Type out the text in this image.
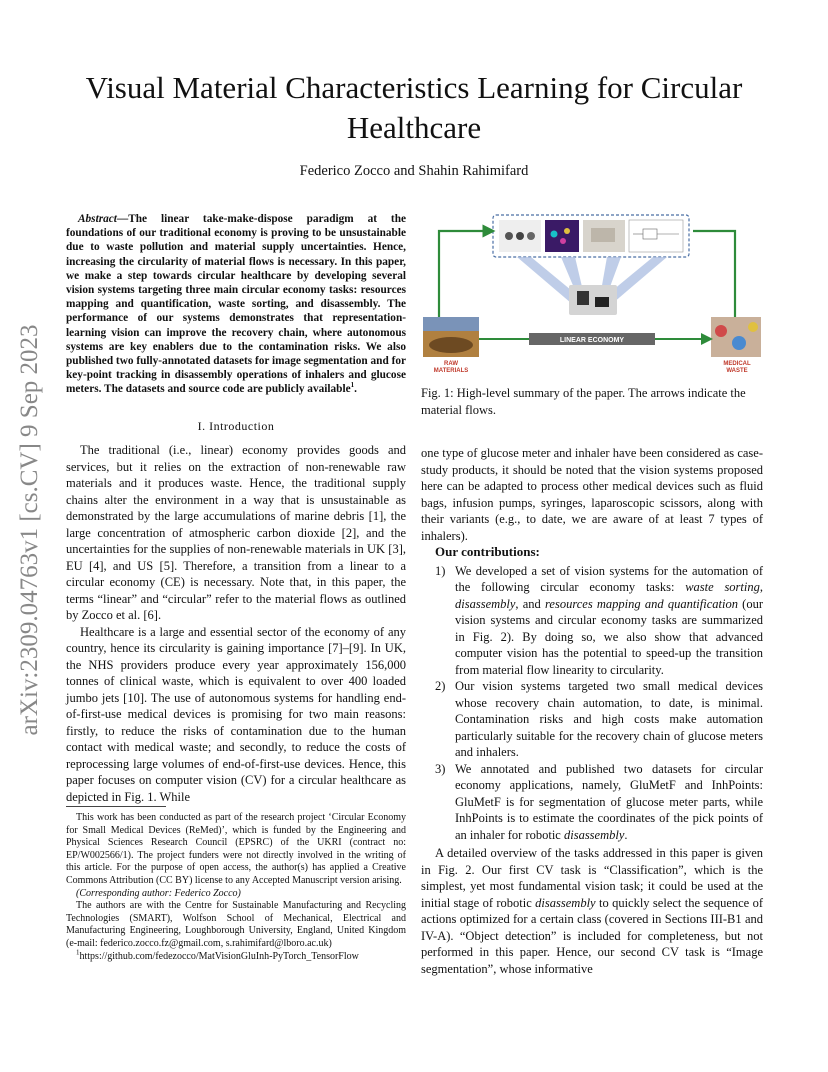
Visual Material Characteristics Learning for Circular Healthcare
Federico Zocco and Shahin Rahimifard
arXiv:2309.04763v1 [cs.CV] 9 Sep 2023
Abstract—The linear take-make-dispose paradigm at the foundations of our traditional economy is proving to be unsustainable due to waste pollution and material supply uncertainties. Hence, increasing the circularity of material flows is necessary. In this paper, we make a step towards circular healthcare by developing several vision systems targeting three main circular economy tasks: resources mapping and quantification, waste sorting, and disassembly. The performance of our systems demonstrates that representation-learning vision can improve the recovery chain, where autonomous systems are key enablers due to the contamination risks. We also published two fully-annotated datasets for image segmentation and for key-point tracking in disassembly operations of inhalers and glucose meters. The datasets and source code are publicly available$^1$.
I. Introduction

The traditional (i.e., linear) economy provides goods and services, but it relies on the extraction of non-renewable raw materials and it produces waste. Hence, the traditional supply chains alter the environment in a way that is unsustainable as demonstrated by the large accumulations of marine debris [1], the large concentration of atmospheric carbon dioxide [2], and the uncertainties for the supplies of non-renewable materials in UK [3], EU [4], and US [5]. Therefore, a transition from a linear to a circular economy (CE) is necessary. Note that, in this paper, the terms “linear” and “circular” refer to the material flows as outlined by Zocco et al. [6].

Healthcare is a large and essential sector of the economy of any country, hence its circularity is gaining importance [7]–[9]. In UK, the NHS providers produce every year approximately 156,000 tonnes of clinical waste, which is equivalent to over 400 loaded jumbo jets [10]. The use of autonomous systems for handling end-of-first-use medical devices is promising for two main reasons: firstly, to reduce the risks of contamination due to the human contact with medical waste; and secondly, to reduce the costs of reprocessing large volumes of end-of-first-use devices. Hence, this paper focuses on computer vision (CV) for a circular healthcare as depicted in Fig. 1. While

This work has been conducted as part of the research project ‘Circular Economy for Small Medical Devices (ReMed)’, which is funded by the Engineering and Physical Sciences Research Council (EPSRC) of the UKRI (contract no: EP/W002566/1). The project funders were not directly involved in the writing of this article. For the purpose of open access, the author(s) has applied a Creative Commons Attribution (CC BY) license to any Accepted Manuscript version arising.

(Corresponding author: Federico Zocco)

The authors are with the Centre for Sustainable Manufacturing and Recycling Technologies (SMART), Wolfson School of Mechanical, Electrical and Manufacturing Engineering, Loughborough University, England, United Kingdom (e-mail: federico.zocco.fz@gmail.com, s.rahimifard@lboro.ac.uk)

$^1$https://github.com/fedezocco/MatVisionGluInh-PyTorch_TensorFlow

RAW
MATERIALS
MEDICAL
WASTE
LINEAR ECONOMY
Fig. 1: High-level summary of the paper. The arrows indicate the material flows.

one type of glucose meter and inhaler have been considered as case-study products, it should be noted that the vision systems proposed here can be adapted to process other medical devices such as fluid bags, infusion pumps, syringes, laparoscopic scissors, along with their variants (e.g., to date, we are aware of at least 7 types of inhalers).

Our contributions:

1) We developed a set of vision systems for the automation of the following circular economy tasks: waste sorting, disassembly, and resources mapping and quantification (our vision systems and circular economy tasks are summarized in Fig. 2). By doing so, we also show that advanced computer vision has the potential to speed-up the transition from material flow linearity to circularity.
2) Our vision systems targeted two small medical devices whose recovery chain automation, to date, is minimal. Contamination risks and high costs make automation particularly suitable for the recovery chain of glucose meters and inhalers.
3) We annotated and published two datasets for circular economy applications, namely, GluMetF and InhPoints: GluMetF is for segmentation of glucose meter parts, while InhPoints is to estimate the coordinates of the pick points of an inhaler for robotic disassembly.

A detailed overview of the tasks addressed in this paper is given in Fig. 2. Our first CV task is “Classification”, which is the simplest, yet most fundamental vision task; it could be used at the initial stage of robotic disassembly to quickly select the sequence of actions optimized for a certain class (covered in Sections III-B1 and IV-A). “Object detection” is included for completeness, but not performed in this paper. Hence, our second CV task is “Image segmentation”, whose informative
